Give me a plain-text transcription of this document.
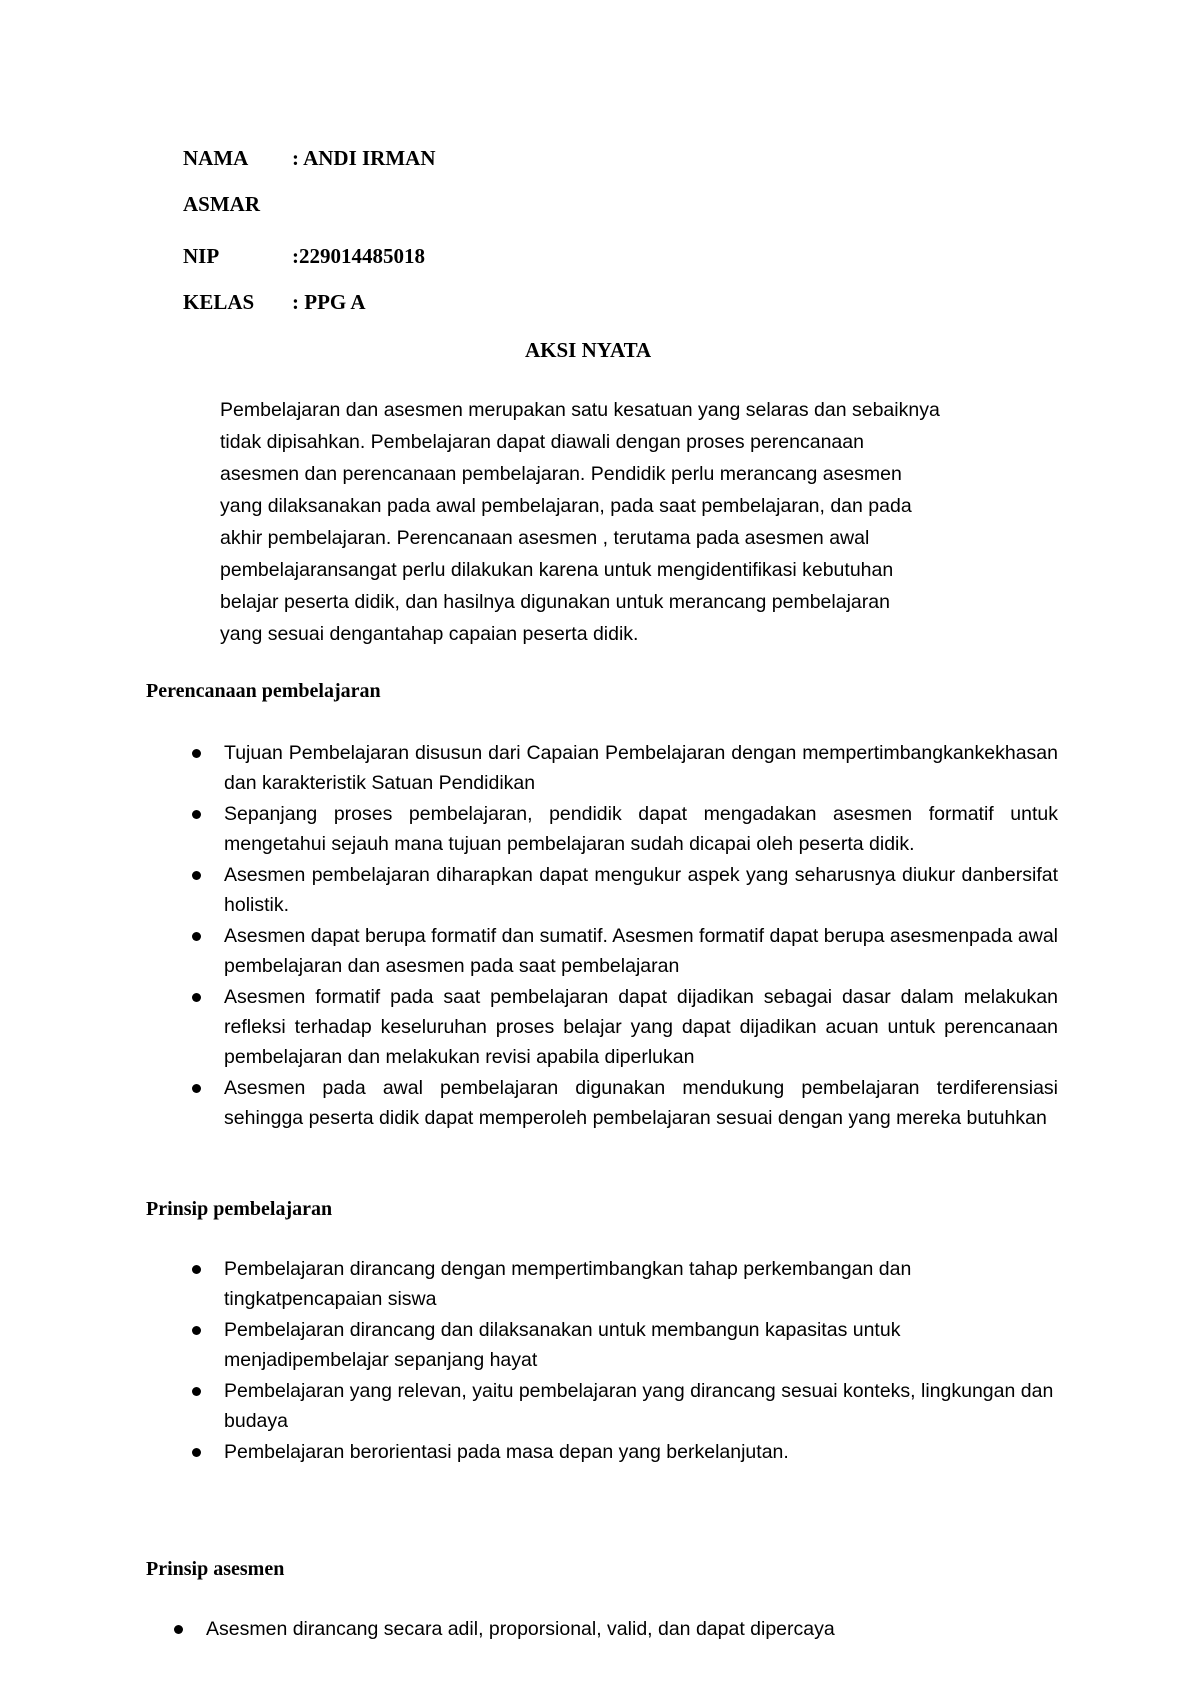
NAMA : ANDI IRMAN
ASMAR
NIP	:229014485018
KELAS : PPG A
AKSI NYATA
Pembelajaran dan asesmen merupakan satu kesatuan yang selaras dan sebaiknya
tidak dipisahkan. Pembelajaran dapat diawali dengan proses perencanaan
asesmen dan perencanaan pembelajaran. Pendidik perlu merancang asesmen
yang dilaksanakan pada awal pembelajaran, pada saat pembelajaran, dan pada
akhir pembelajaran. Perencanaan asesmen , terutama pada asesmen awal
pembelajaransangat perlu dilakukan karena untuk mengidentifikasi kebutuhan
belajar peserta didik, dan hasilnya digunakan untuk merancang pembelajaran
yang sesuai dengantahap capaian peserta didik.
Perencanaan pembelajaran
Tujuan Pembelajaran disusun dari Capaian Pembelajaran dengan mempertimbangkankekhasan dan karakteristik Satuan Pendidikan
Sepanjang proses pembelajaran, pendidik dapat mengadakan asesmen formatif untuk mengetahui sejauh mana tujuan pembelajaran sudah dicapai oleh peserta didik.
Asesmen pembelajaran diharapkan dapat mengukur aspek yang seharusnya diukur danbersifat holistik.
Asesmen dapat berupa formatif dan sumatif. Asesmen formatif dapat berupa asesmenpada awal pembelajaran dan asesmen pada saat pembelajaran
Asesmen formatif pada saat pembelajaran dapat dijadikan sebagai dasar dalam melakukan refleksi terhadap keseluruhan proses belajar yang dapat dijadikan acuan untuk perencanaan pembelajaran dan melakukan revisi apabila diperlukan
Asesmen pada awal pembelajaran digunakan mendukung pembelajaran terdiferensiasi sehingga peserta didik dapat memperoleh pembelajaran sesuai dengan yang mereka butuhkan
Prinsip pembelajaran
Pembelajaran dirancang dengan mempertimbangkan tahap perkembangan dan tingkatpencapaian siswa
Pembelajaran dirancang dan dilaksanakan untuk membangun kapasitas untuk menjadipembelajar sepanjang hayat
Pembelajaran yang relevan, yaitu pembelajaran yang dirancang sesuai konteks, lingkungan dan budaya
Pembelajaran berorientasi pada masa depan yang berkelanjutan.
Prinsip asesmen
Asesmen dirancang secara adil, proporsional, valid, dan dapat dipercaya
